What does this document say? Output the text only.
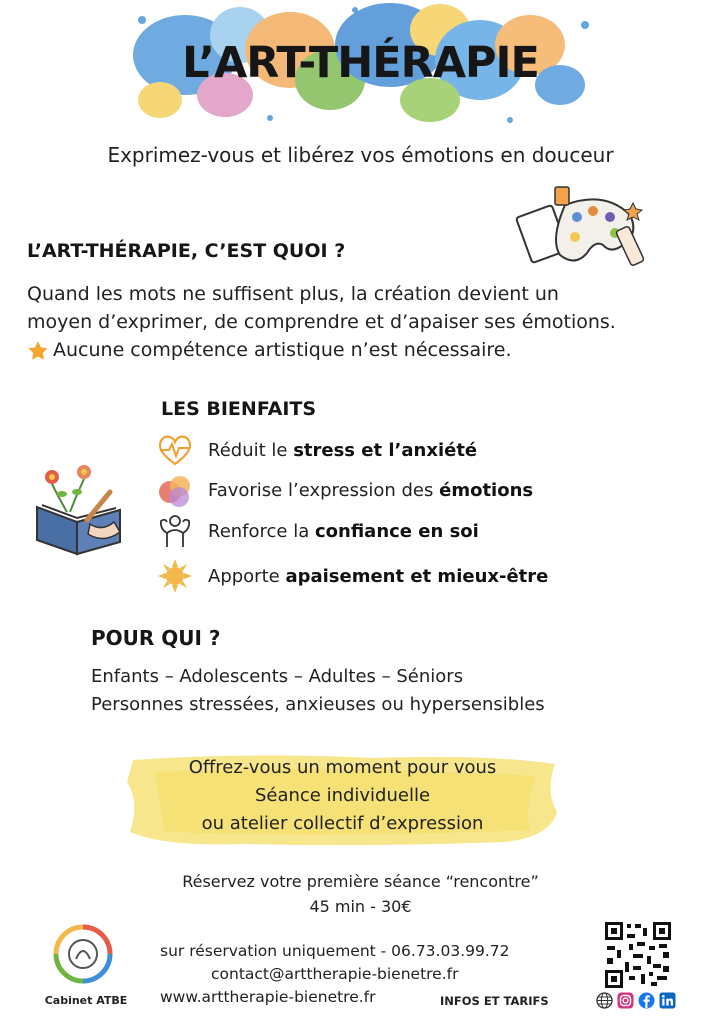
L’ART-THÉRAPIE
Exprimez-vous et libérez vos émotions en douceur
L’ART-THÉRAPIE, C’EST QUOI ?
Quand les mots ne suffisent plus, la création devient un
moyen d’exprimer, de comprendre et d’apaiser ses émotions.
Aucune compétence artistique n’est nécessaire.
LES BIENFAITS
Réduit le stress et l’anxiété
Favorise l’expression des émotions
Renforce la confiance en soi
Apporte apaisement et mieux-être
POUR QUI ?
Enfants – Adolescents – Adultes – Séniors
Personnes stressées, anxieuses ou hypersensibles
Offrez-vous un moment pour vous
Séance individuelle
ou atelier collectif d’expression
Réservez votre première séance “rencontre”
45 min - 30€
Cabinet ATBE
sur réservation uniquement - 06.73.03.99.72
contact@arttherapie-bienetre.fr
www.arttherapie-bienetre.fr	INFOS ET TARIFS
